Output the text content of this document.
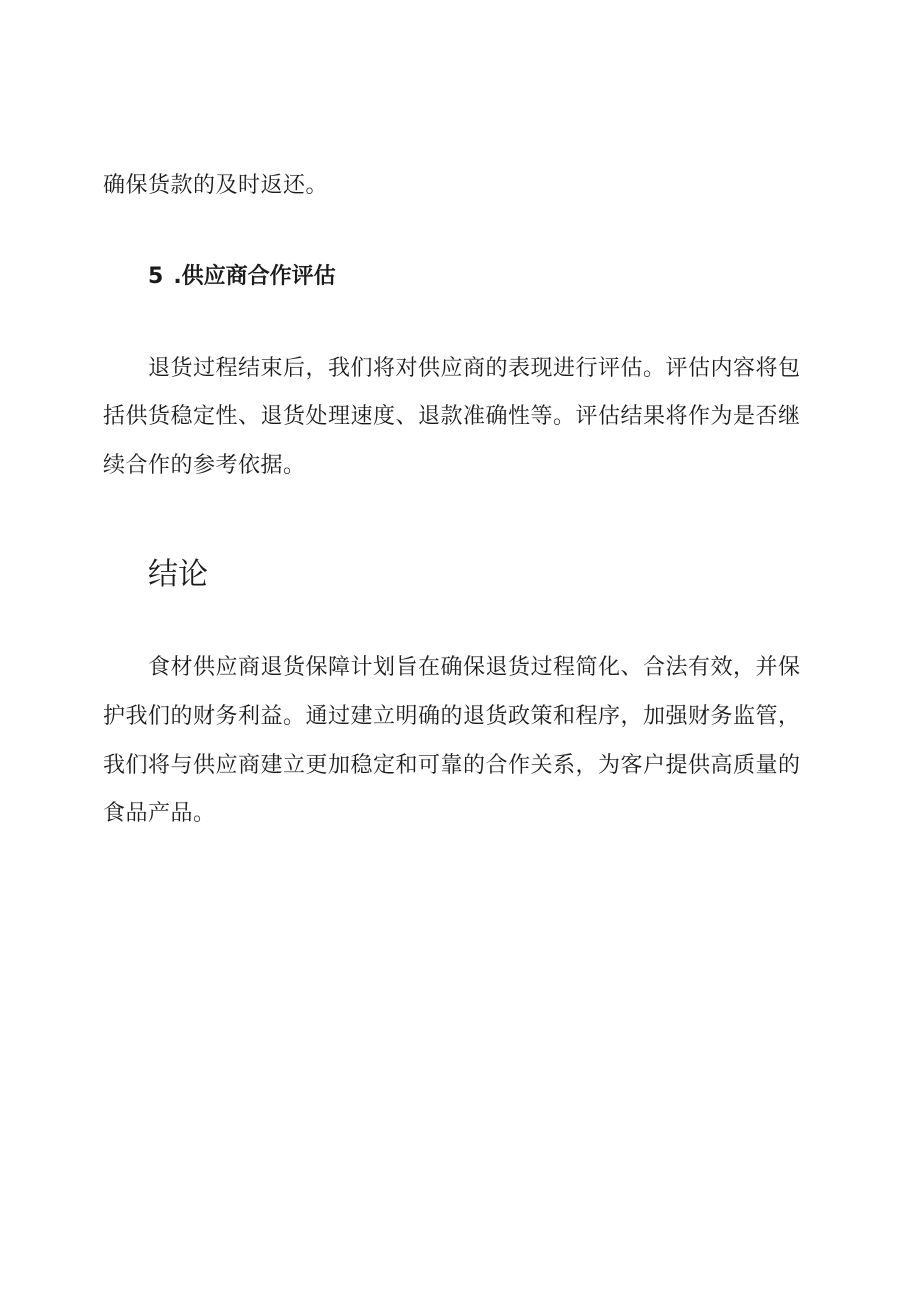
确保货款的及时返还。

5 .供应商合作评估

退货过程结束后，我们将对供应商的表现进行评估。评估内容将包

括供货稳定性、退货处理速度、退款准确性等。评估结果将作为是否继

续合作的参考依据。

结论

食材供应商退货保障计划旨在确保退货过程简化、合法有效，并保

护我们的财务利益。通过建立明确的退货政策和程序，加强财务监管，

我们将与供应商建立更加稳定和可靠的合作关系，为客户提供高质量的

食品产品。
